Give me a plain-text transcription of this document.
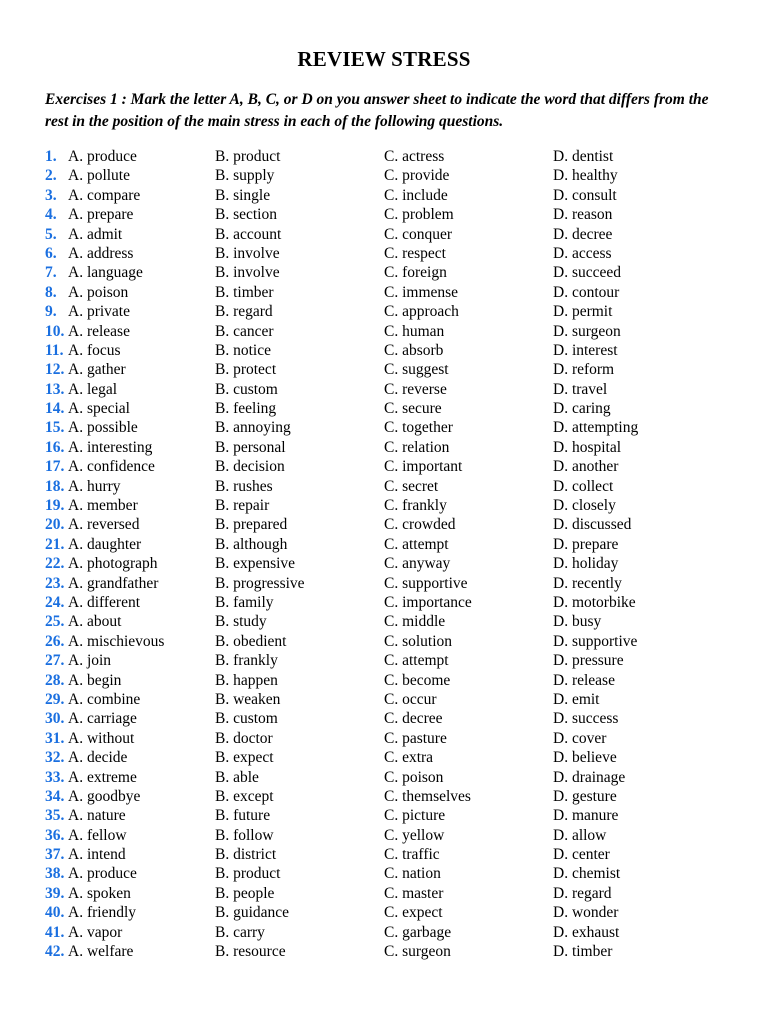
REVIEW STRESS
Exercises 1 : Mark the letter A, B, C, or D on you answer sheet to indicate the word that differs from the rest in the position of the main stress in each of the following questions.
1. A. produce	B. product	C. actress	D. dentist
2. A. pollute	B. supply	C. provide	D. healthy
3. A. compare	B. single	C. include	D. consult
4. A. prepare	B. section	C. problem	D. reason
5. A. admit	B. account	C. conquer	D. decree
6. A. address	B. involve	C. respect	D. access
7. A. language	B. involve	C. foreign	D. succeed
8. A. poison	B. timber	C. immense	D. contour
9. A. private	B. regard	C. approach	D. permit
10. A. release	B. cancer	C. human	D. surgeon
11. A. focus	B. notice	C. absorb	D. interest
12. A. gather	B. protect	C. suggest	D. reform
13. A. legal	B. custom	C. reverse	D. travel
14. A. special	B. feeling	C. secure	D. caring
15. A. possible	B. annoying	C. together	D. attempting
16. A. interesting	B. personal	C. relation	D. hospital
17. A. confidence	B. decision	C. important	D. another
18. A. hurry	B. rushes	C. secret	D. collect
19. A. member	B. repair	C. frankly	D. closely
20. A. reversed	B. prepared	C. crowded	D. discussed
21. A. daughter	B. although	C. attempt	D. prepare
22. A. photograph	B. expensive	C. anyway	D. holiday
23. A. grandfather	B. progressive	C. supportive	D. recently
24. A. different	B. family	C. importance	D. motorbike
25. A. about	B. study	C. middle	D. busy
26. A. mischievous	B. obedient	C. solution	D. supportive
27. A. join	B. frankly	C. attempt	D. pressure
28. A. begin	B. happen	C. become	D. release
29. A. combine	B. weaken	C. occur	D. emit
30. A. carriage	B. custom	C. decree	D. success
31. A. without	B. doctor	C. pasture	D. cover
32. A. decide	B. expect	C. extra	D. believe
33. A. extreme	B. able	C. poison	D. drainage
34. A. goodbye	B. except	C. themselves	D. gesture
35. A. nature	B. future	C. picture	D. manure
36. A. fellow	B. follow	C. yellow	D. allow
37. A. intend	B. district	C. traffic	D. center
38. A. produce	B. product	C. nation	D. chemist
39. A. spoken	B. people	C. master	D. regard
40. A. friendly	B. guidance	C. expect	D. wonder
41. A. vapor	B. carry	C. garbage	D. exhaust
42. A. welfare	B. resource	C. surgeon	D. timber
